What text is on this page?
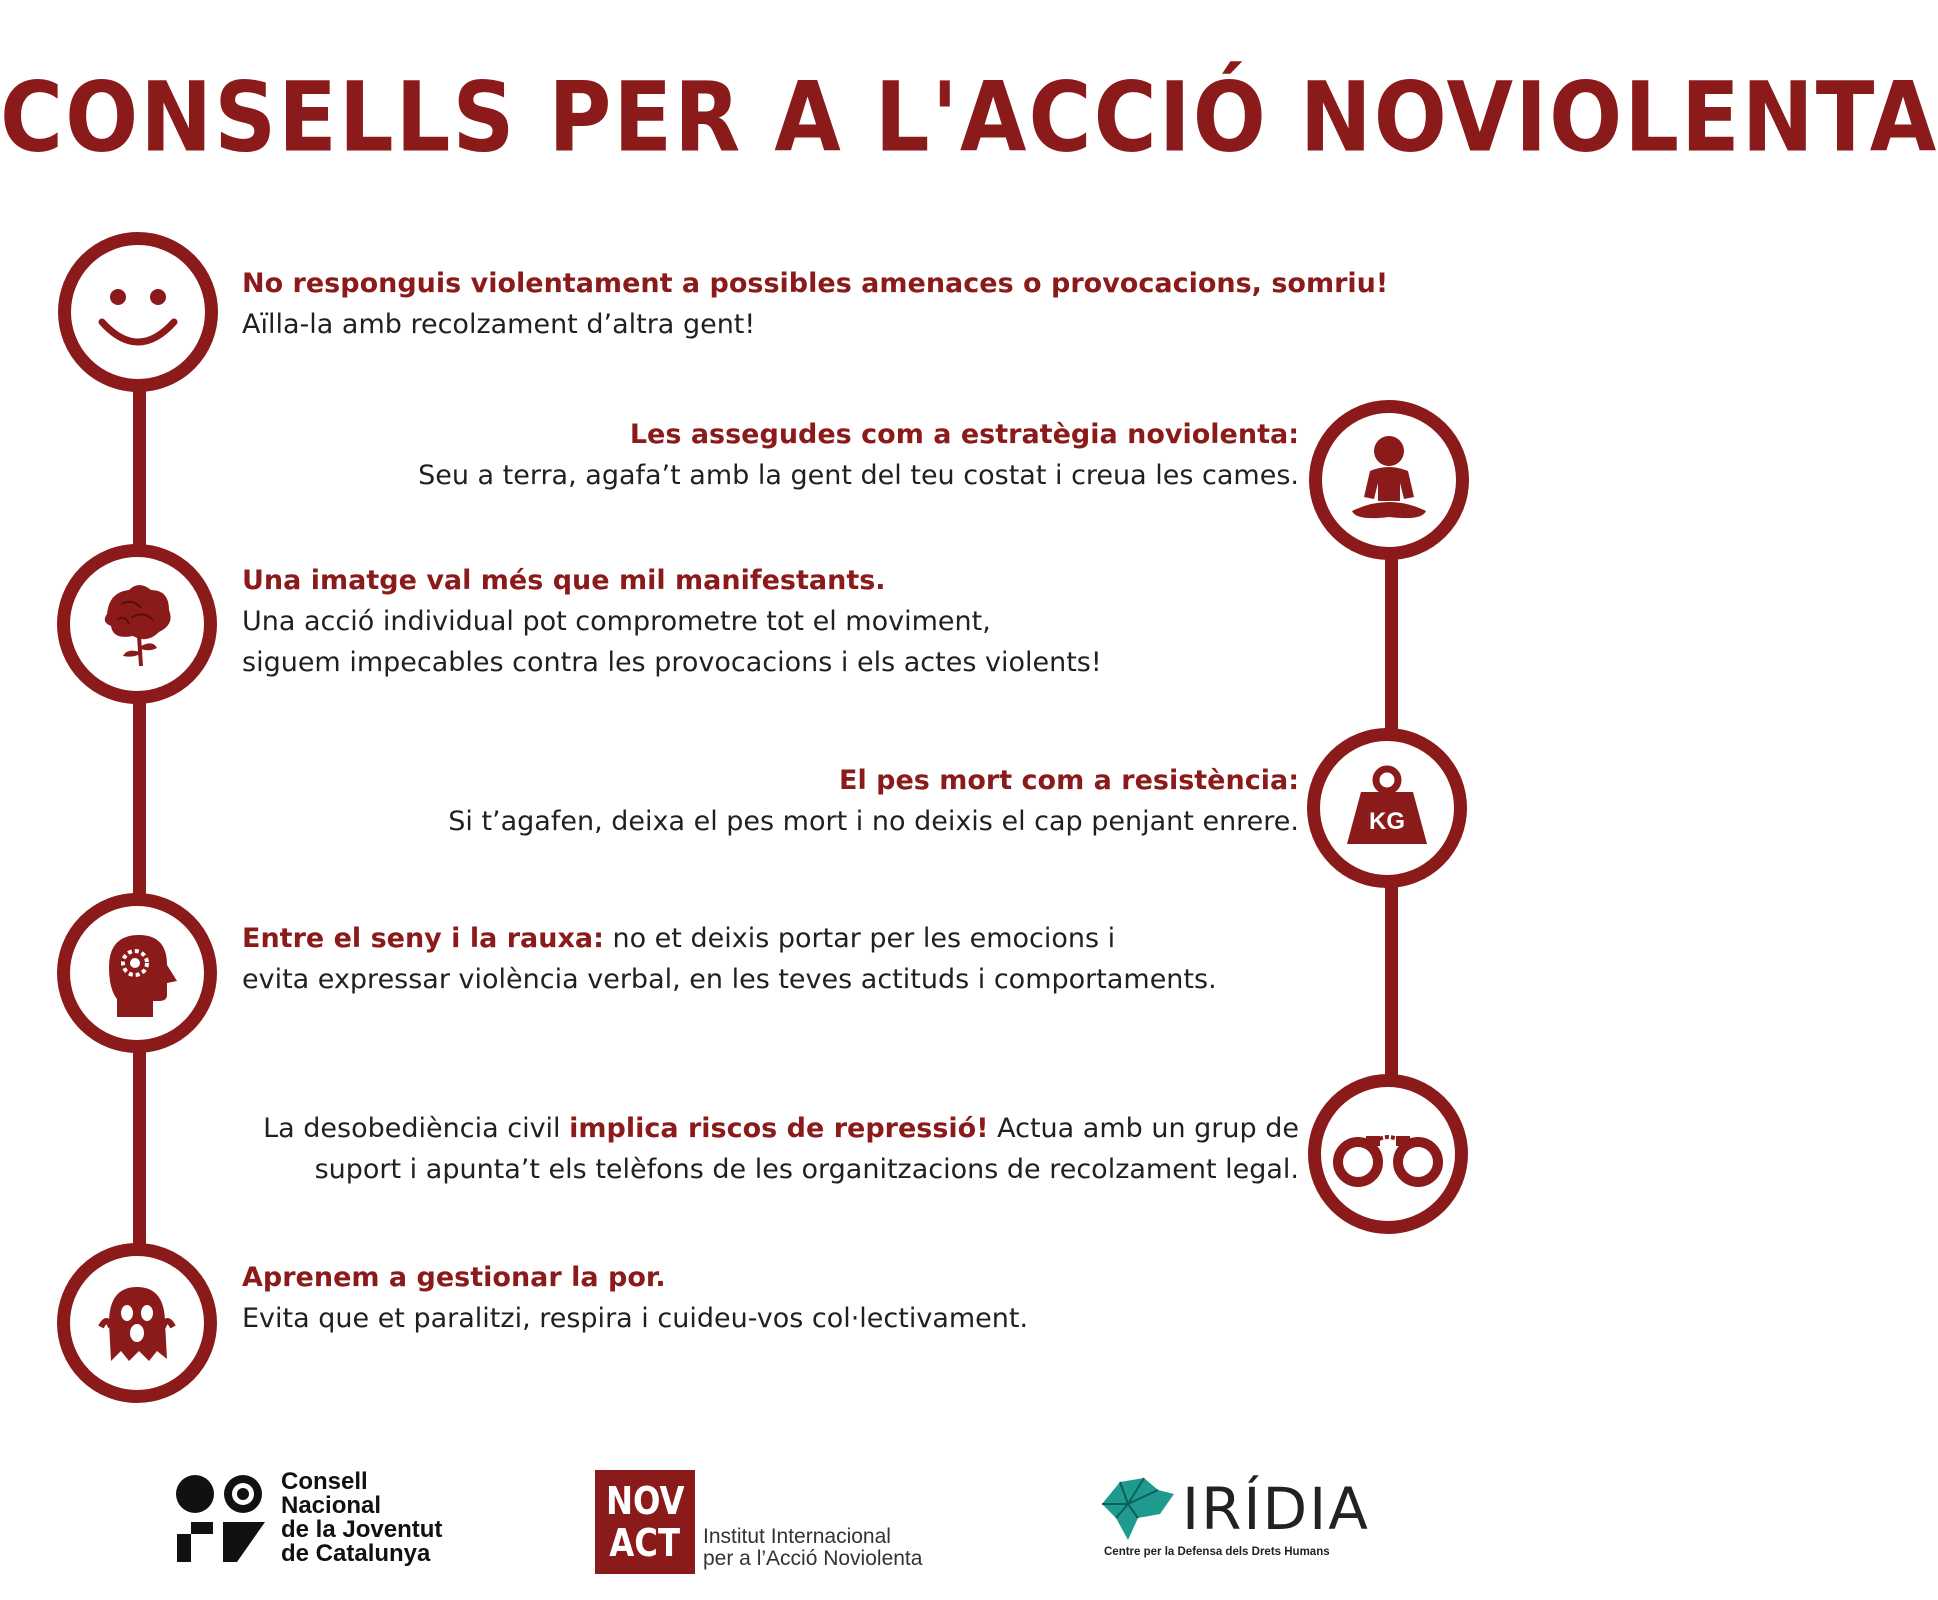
CONSELLS PER A L'ACCIÓ NOVIOLENTA
No responguis violentament a possibles amenaces o provocacions, somriu!
Aïlla-la amb recolzament d’altra gent!
Les assegudes com a estratègia noviolenta:
Seu a terra, agafa’t amb la gent del teu costat i creua les cames.
Una imatge val més que mil manifestants.
Una acció individual pot comprometre tot el moviment,
siguem impecables contra les provocacions i els actes violents!
KG
El pes mort com a resistència:
Si t’agafen, deixa el pes mort i no deixis el cap penjant enrere.
Entre el seny i la rauxa: no et deixis portar per les emocions i
evita expressar violència verbal, en les teves actituds i comportaments.
La desobediència civil implica riscos de repressió! Actua amb un grup de
suport i apunta’t els telèfons de les organitzacions de recolzament legal.
Aprenem a gestionar la por.
Evita que et paralitzi, respira i cuideu-vos col·lectivament.
Consell
Nacional
de la Joventut
de Catalunya
NOV
ACT Institut Internacional
per a l’Acció Noviolenta
IRÍDIA
Centre per la Defensa dels Drets Humans
